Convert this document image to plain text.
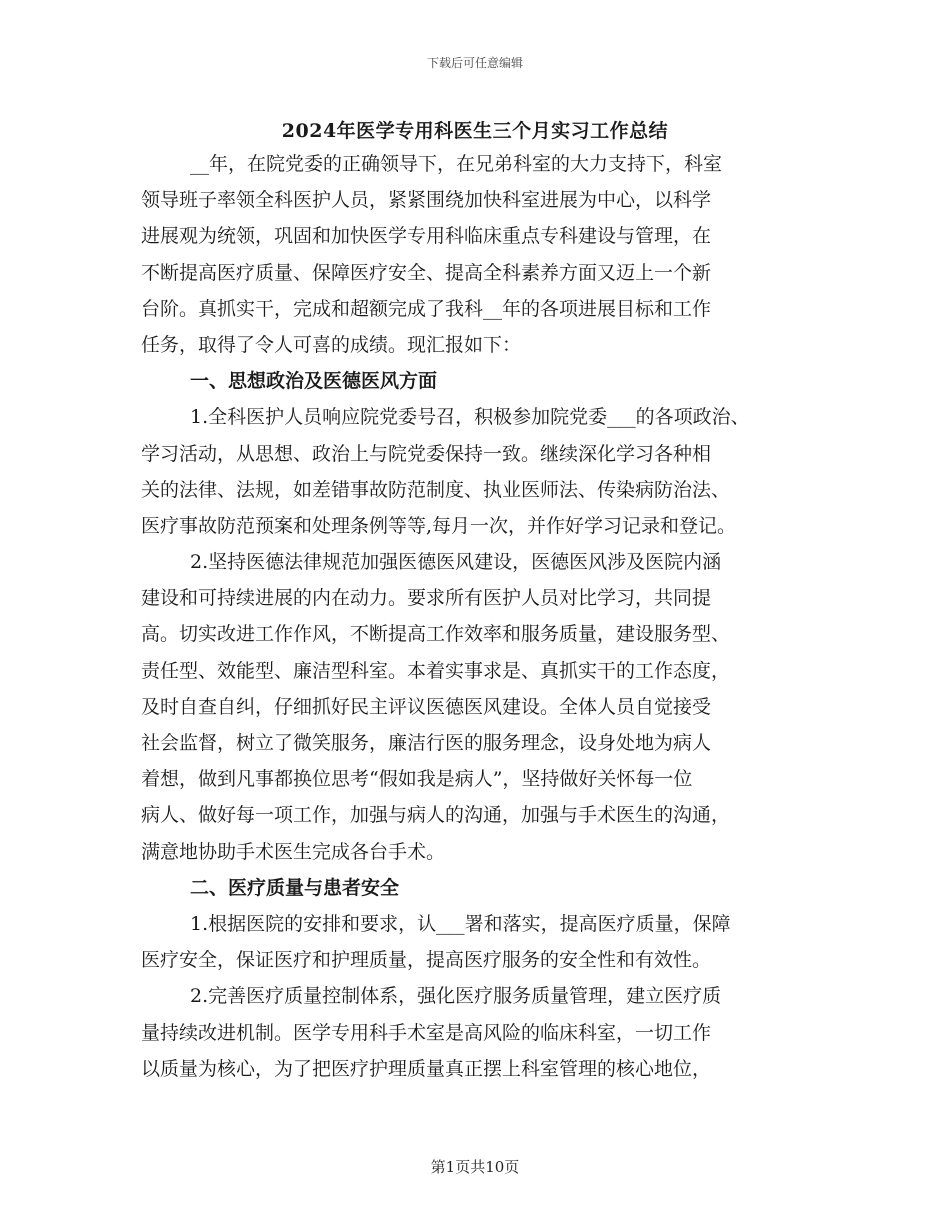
下载后可任意编辑
2024年医学专用科医生三个月实习工作总结
__年，在院党委的正确领导下，在兄弟科室的大力支持下，科室
领导班子率领全科医护人员，紧紧围绕加快科室进展为中心，以科学
进展观为统领，巩固和加快医学专用科临床重点专科建设与管理，在
不断提高医疗质量、保障医疗安全、提高全科素养方面又迈上一个新
台阶。真抓实干，完成和超额完成了我科__年的各项进展目标和工作
任务，取得了令人可喜的成绩。现汇报如下：
一、思想政治及医德医风方面
1.全科医护人员响应院党委号召，积极参加院党委___的各项政治、
学习活动，从思想、政治上与院党委保持一致。继续深化学习各种相
关的法律、法规，如差错事故防范制度、执业医师法、传染病防治法、
医疗事故防范预案和处理条例等等,每月一次，并作好学习记录和登记。
2.坚持医德法律规范加强医德医风建设，医德医风涉及医院内涵
建设和可持续进展的内在动力。要求所有医护人员对比学习，共同提
高。切实改进工作作风，不断提高工作效率和服务质量，建设服务型、
责任型、效能型、廉洁型科室。本着实事求是、真抓实干的工作态度，
及时自查自纠，仔细抓好民主评议医德医风建设。全体人员自觉接受
社会监督，树立了微笑服务，廉洁行医的服务理念，设身处地为病人
着想，做到凡事都换位思考“假如我是病人”，坚持做好关怀每一位
病人、做好每一项工作，加强与病人的沟通，加强与手术医生的沟通，
满意地协助手术医生完成各台手术。
二、医疗质量与患者安全
1.根据医院的安排和要求，认___署和落实，提高医疗质量，保障
医疗安全，保证医疗和护理质量，提高医疗服务的安全性和有效性。
2.完善医疗质量控制体系，强化医疗服务质量管理，建立医疗质
量持续改进机制。医学专用科手术室是高风险的临床科室，一切工作
以质量为核心，为了把医疗护理质量真正摆上科室管理的核心地位，
第1页共10页
